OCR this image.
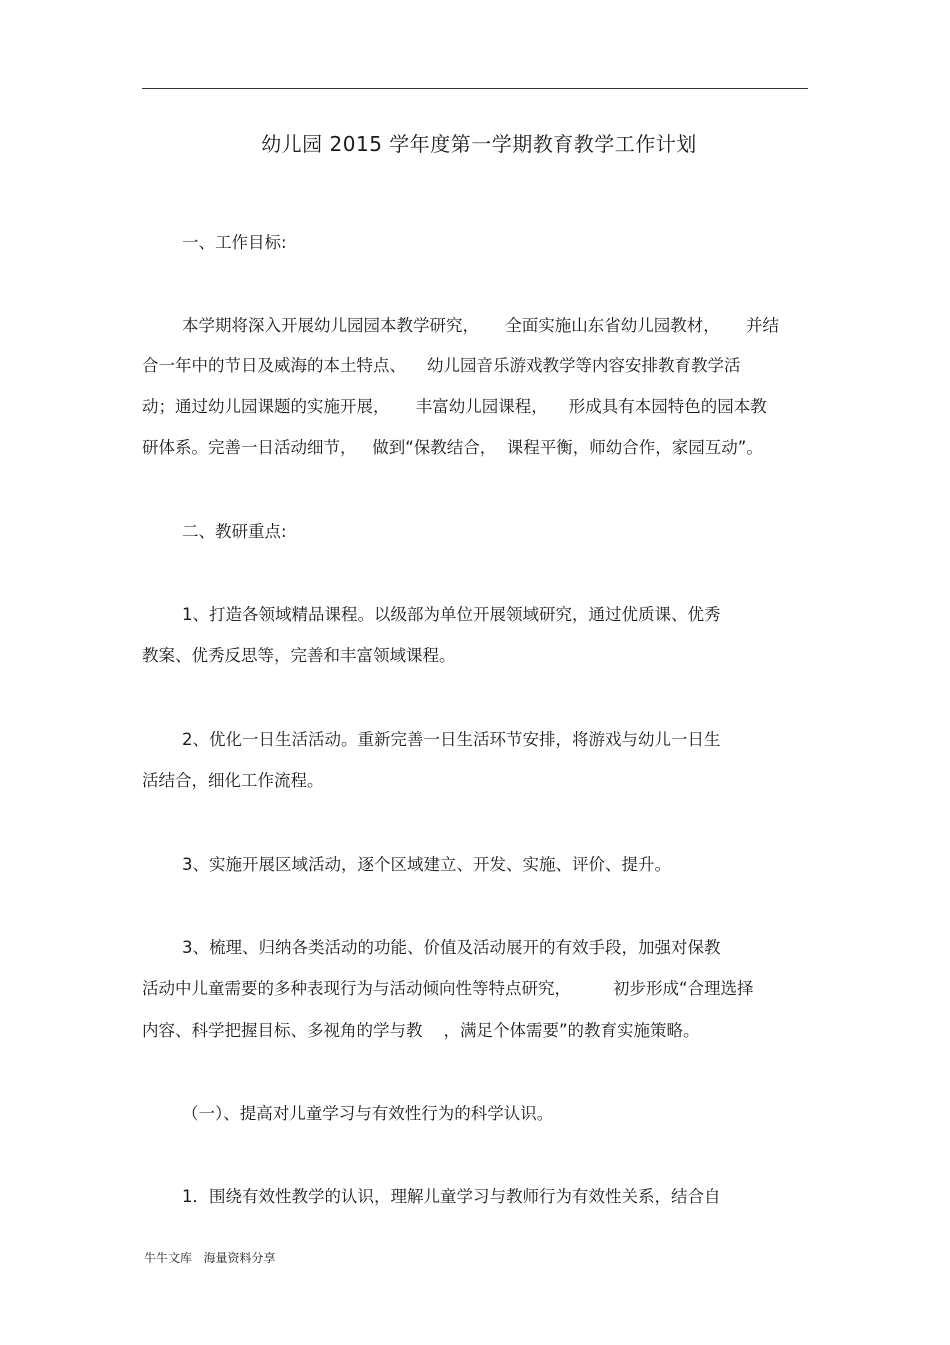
幼儿园 2015 学年度第一学期教育教学工作计划

一、工作目标:

本学期将深入开展幼儿园园本教学研究，     全面实施山东省幼儿园教材，     并结

合一年中的节日及威海的本土特点、    幼儿园音乐游戏教学等内容安排教育教学活

动；通过幼儿园课题的实施开展，     丰富幼儿园课程，    形成具有本园特色的园本教

研体系。完善一日活动细节，   做到“保教结合，  课程平衡，师幼合作，家园互动”。

二、教研重点:

1、打造各领域精品课程。以级部为单位开展领域研究，通过优质课、优秀

教案、优秀反思等，完善和丰富领域课程。

2、优化一日生活活动。重新完善一日生活环节安排，将游戏与幼儿一日生

活结合，细化工作流程。

3、实施开展区域活动，逐个区域建立、开发、实施、评价、提升。

3、梳理、归纳各类活动的功能、价值及活动展开的有效手段，加强对保教

活动中儿童需要的多种表现行为与活动倾向性等特点研究，        初步形成“合理选择

内容、科学把握目标、多视角的学与教    ，满足个体需要”的教育实施策略。

（一）、提高对儿童学习与有效性行为的科学认识。

1．围绕有效性教学的认识，理解儿童学习与教师行为有效性关系，结合自

牛牛文库   海量资料分享
